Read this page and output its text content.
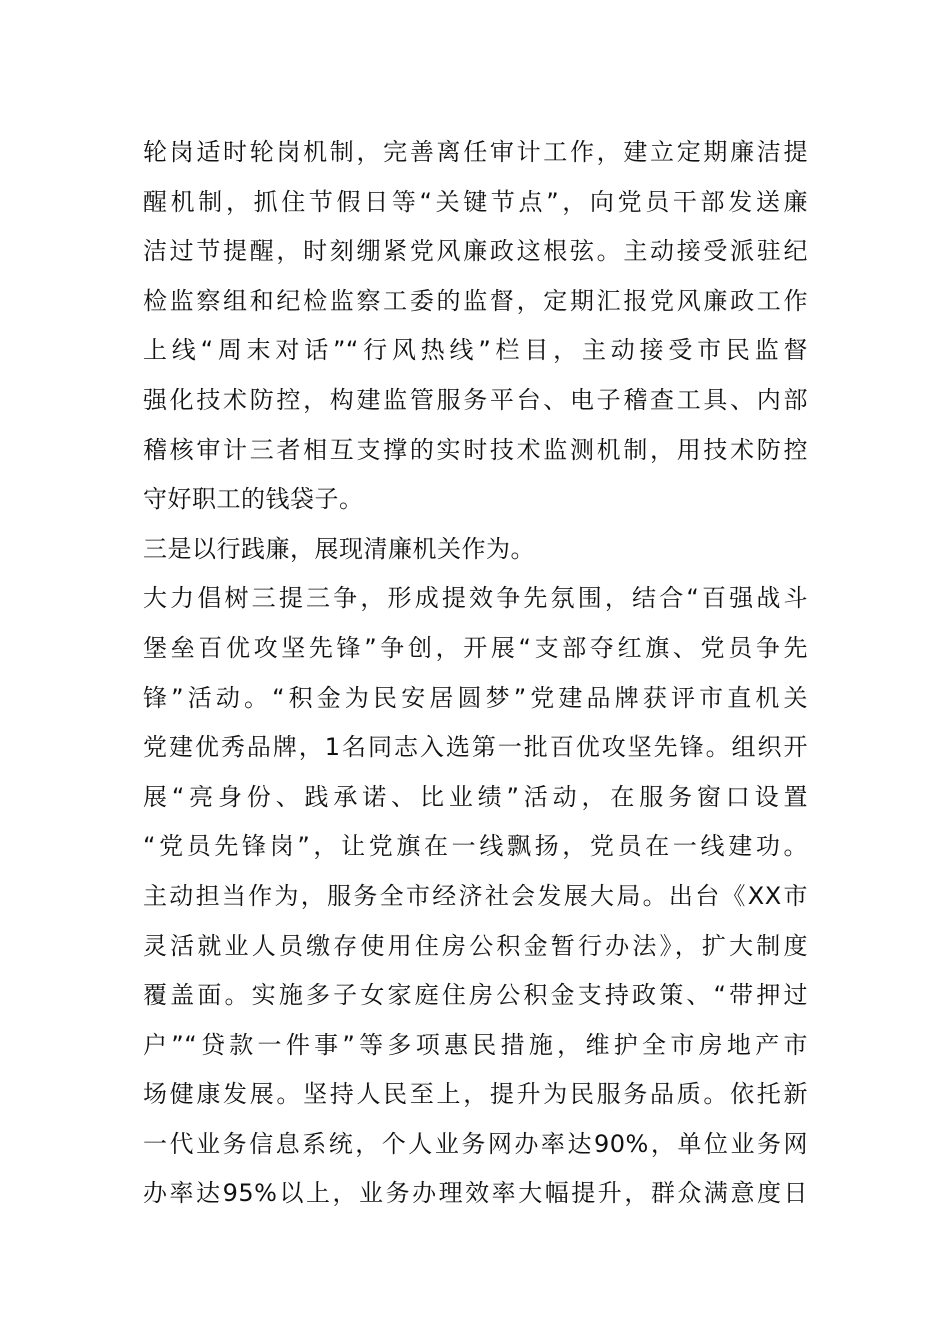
轮岗适时轮岗机制，完善离任审计工作，建立定期廉洁提
醒机制，抓住节假日等“关键节点”，向党员干部发送廉
洁过节提醒，时刻绷紧党风廉政这根弦。主动接受派驻纪
检监察组和纪检监察工委的监督，定期汇报党风廉政工作
上线“周末对话”“行风热线”栏目，主动接受市民监督
强化技术防控，构建监管服务平台、电子稽查工具、内部
稽核审计三者相互支撑的实时技术监测机制，用技术防控
守好职工的钱袋子。
三是以行践廉，展现清廉机关作为。
大力倡树三提三争，形成提效争先氛围，结合“百强战斗
堡垒百优攻坚先锋”争创，开展“支部夺红旗、党员争先
锋”活动。“积金为民安居圆梦”党建品牌获评市直机关
党建优秀品牌，1名同志入选第一批百优攻坚先锋。组织开
展“亮身份、践承诺、比业绩”活动，在服务窗口设置
“党员先锋岗”，让党旗在一线飘扬，党员在一线建功。
主动担当作为，服务全市经济社会发展大局。出台《XX市
灵活就业人员缴存使用住房公积金暂行办法》，扩大制度
覆盖面。实施多子女家庭住房公积金支持政策、“带押过
户”“贷款一件事”等多项惠民措施，维护全市房地产市
场健康发展。坚持人民至上，提升为民服务品质。依托新
一代业务信息系统，个人业务网办率达90%，单位业务网
办率达95%以上，业务办理效率大幅提升，群众满意度日
